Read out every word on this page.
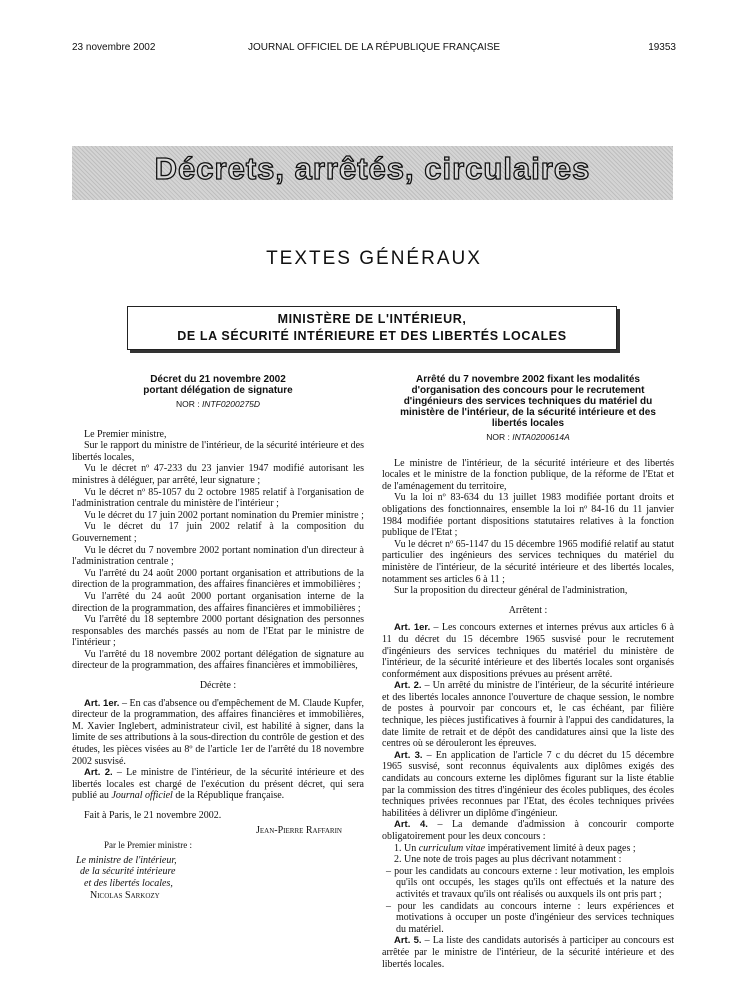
23 novembre 2002	JOURNAL OFFICIEL DE LA RÉPUBLIQUE FRANÇAISE	19353
Décrets, arrêtés, circulaires
TEXTES GÉNÉRAUX
MINISTÈRE DE L'INTÉRIEUR,
DE LA SÉCURITÉ INTÉRIEURE ET DES LIBERTÉS LOCALES
Décret du 21 novembre 2002
portant délégation de signature
NOR : INTF0200275D

Le Premier ministre,

Sur le rapport du ministre de l'intérieur, de la sécurité intérieure et des libertés locales,

Vu le décret nº 47-233 du 23 janvier 1947 modifié autorisant les ministres à déléguer, par arrêté, leur signature ;

Vu le décret nº 85-1057 du 2 octobre 1985 relatif à l'organisation de l'administration centrale du ministère de l'intérieur ;

Vu le décret du 17 juin 2002 portant nomination du Premier ministre ;

Vu le décret du 17 juin 2002 relatif à la composition du Gouvernement ;

Vu le décret du 7 novembre 2002 portant nomination d'un directeur à l'administration centrale ;

Vu l'arrêté du 24 août 2000 portant organisation et attributions de la direction de la programmation, des affaires financières et immobilières ;

Vu l'arrêté du 24 août 2000 portant organisation interne de la direction de la programmation, des affaires financières et immobilières ;

Vu l'arrêté du 18 septembre 2000 portant désignation des personnes responsables des marchés passés au nom de l'Etat par le ministre de l'intérieur ;

Vu l'arrêté du 18 novembre 2002 portant délégation de signature au directeur de la programmation, des affaires financières et immobilières,

Décrète :

Art. 1er. – En cas d'absence ou d'empêchement de M. Claude Kupfer, directeur de la programmation, des affaires financières et immobilières, M. Xavier Inglebert, administrateur civil, est habilité à signer, dans la limite de ses attributions à la sous-direction du contrôle de gestion et des études, les pièces visées au 8º de l'article 1er de l'arrêté du 18 novembre 2002 susvisé.

Art. 2. – Le ministre de l'intérieur, de la sécurité intérieure et des libertés locales est chargé de l'exécution du présent décret, qui sera publié au Journal officiel de la République française.

Fait à Paris, le 21 novembre 2002.

Jean-Pierre Raffarin
Par le Premier ministre :
Le ministre de l'intérieur,
de la sécurité intérieure
et des libertés locales,
Nicolas Sarkozy
Arrêté du 7 novembre 2002 fixant les modalités d'organisation des concours pour le recrutement d'ingénieurs des services techniques du matériel du ministère de l'intérieur, de la sécurité intérieure et des libertés locales
NOR : INTA0200614A

Le ministre de l'intérieur, de la sécurité intérieure et des libertés locales et le ministre de la fonction publique, de la réforme de l'Etat et de l'aménagement du territoire,

Vu la loi nº 83-634 du 13 juillet 1983 modifiée portant droits et obligations des fonctionnaires, ensemble la loi nº 84-16 du 11 janvier 1984 modifiée portant dispositions statutaires relatives à la fonction publique de l'Etat ;

Vu le décret nº 65-1147 du 15 décembre 1965 modifié relatif au statut particulier des ingénieurs des services techniques du matériel du ministère de l'intérieur, de la sécurité intérieure et des libertés locales, notamment ses articles 6 à 11 ;

Sur la proposition du directeur général de l'administration,

Arrêtent :

Art. 1er. – Les concours externes et internes prévus aux articles 6 à 11 du décret du 15 décembre 1965 susvisé pour le recrutement d'ingénieurs des services techniques du matériel du ministère de l'intérieur, de la sécurité intérieure et des libertés locales sont organisés conformément aux dispositions prévues au présent arrêté.

Art. 2. – Un arrêté du ministre de l'intérieur, de la sécurité intérieure et des libertés locales annonce l'ouverture de chaque session, le nombre de postes à pourvoir par concours et, le cas échéant, par filière technique, les pièces justificatives à fournir à l'appui des candidatures, la date limite de retrait et de dépôt des candidatures ainsi que la liste des centres où se dérouleront les épreuves.

Art. 3. – En application de l'article 7 c du décret du 15 décembre 1965 susvisé, sont reconnus équivalents aux diplômes exigés des candidats au concours externe les diplômes figurant sur la liste établie par la commission des titres d'ingénieur des écoles publiques, des écoles techniques privées reconnues par l'Etat, des écoles techniques privées habilitées à délivrer un diplôme d'ingénieur.

Art. 4. – La demande d'admission à concourir comporte obligatoirement pour les deux concours :

1. Un curriculum vitae impérativement limité à deux pages ;

2. Une note de trois pages au plus décrivant notamment :

– pour les candidats au concours externe : leur motivation, les emplois qu'ils ont occupés, les stages qu'ils ont effectués et la nature des activités et travaux qu'ils ont réalisés ou auxquels ils ont pris part ;

– pour les candidats au concours interne : leurs expériences et motivations à occuper un poste d'ingénieur des services techniques du matériel.

Art. 5. – La liste des candidats autorisés à participer au concours est arrêtée par le ministre de l'intérieur, de la sécurité intérieure et des libertés locales.
